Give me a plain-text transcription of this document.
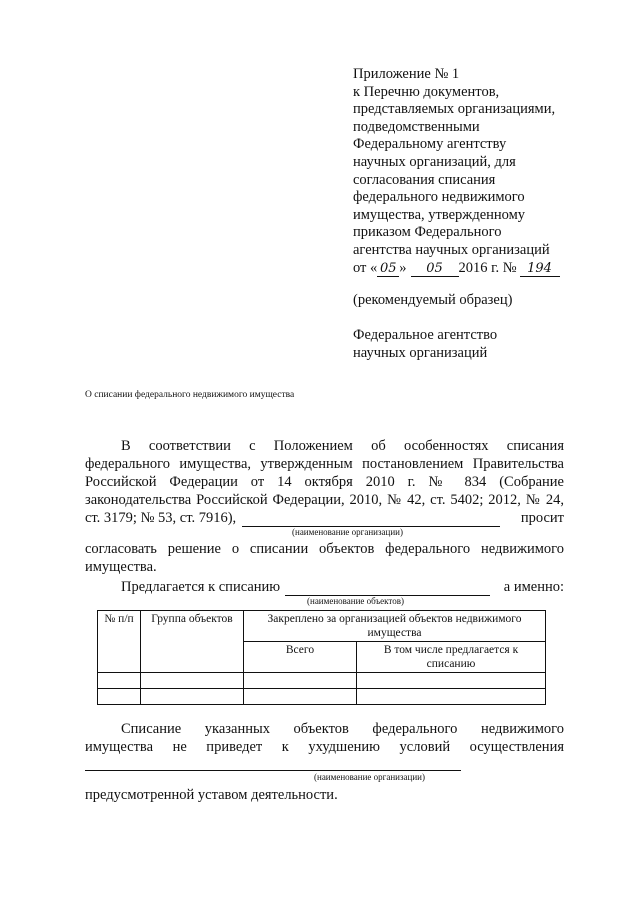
Приложение № 1
к Перечню документов,
представляемых организациями,
подведомственными
Федеральному агентству
научных организаций, для
согласования списания
федерального недвижимого
имущества, утвержденному
приказом Федерального
агентства научных организаций
от « 05 » 05 2016 г. № 194
(рекомендуемый образец)
Федеральное агентство
научных организаций
О списании федерального недвижимого имущества
В соответствии с Положением об особенностях списания
федерального имущества, утвержденным постановлением Правительства
Российской Федерации от 14 октября 2010 г. № 834 (Собрание
законодательства Российской Федерации, 2010, № 42, ст. 5402; 2012, № 24,
ст. 3179; № 53, ст. 7916),	просит
(наименование организации)
согласовать решение о списании объектов федерального недвижимого
имущества.
Предлагается к списанию	а именно:
(наименование объектов)
№ п/п	Группа объектов	Закреплено за организацией объектов недвижимого имущества	
		Всего	В том числе предлагается к списанию

Списание указанных объектов федерального недвижимого
имущества не приведет к ухудшению условий осуществления
(наименование организации)
предусмотренной уставом деятельности.
